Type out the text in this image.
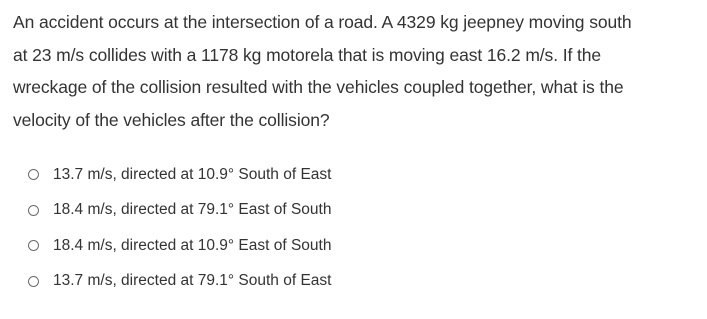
An accident occurs at the intersection of a road. A 4329 kg jeepney moving south
at 23 m/s collides with a 1178 kg motorela that is moving east 16.2 m/s. If the
wreckage of the collision resulted with the vehicles coupled together, what is the
velocity of the vehicles after the collision?

13.7 m/s, directed at 10.9° South of East
18.4 m/s, directed at 79.1° East of South
18.4 m/s, directed at 10.9° East of South
13.7 m/s, directed at 79.1° South of East
